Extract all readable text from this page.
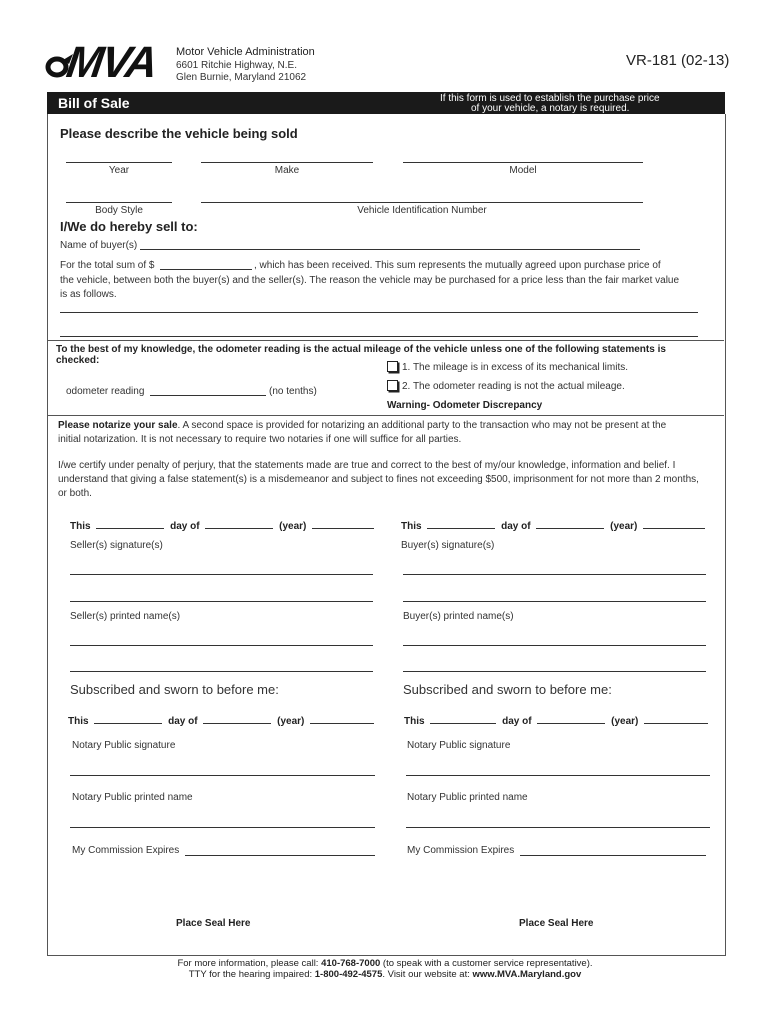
MVA Motor Vehicle Administration
6601 Ritchie Highway, N.E.
Glen Burnie, Maryland 21062
VR-181 (02-13)
Bill of Sale	If this form is used to establish the purchase price
of your vehicle, a notary is required.
Please describe the vehicle being sold
Year	Make	Model
Body Style	Vehicle Identification Number
I/We do hereby sell to:
Name of buyer(s)
For the total sum of $	, which has been received. This sum represents the mutually agreed upon purchase price of
the vehicle, between both the buyer(s) and the seller(s). The reason the vehicle may be purchased for a price less than the fair market value
is as follows.
To the best of my knowledge, the odometer reading is the actual mileage of the vehicle unless one of the following statements is
checked:
1. The mileage is in excess of its mechanical limits.
2. The odometer reading is not the actual mileage.
odometer reading	(no tenths)
Warning- Odometer Discrepancy
Please notarize your sale. A second space is provided for notarizing an additional party to the transaction who may not be present at the
initial notarization. It is not necessary to require two notaries if one will suffice for all parties.
I/we certify under penalty of perjury, that the statements made are true and correct to the best of my/our knowledge, information and belief. I
understand that giving a false statement(s) is a misdemeanor and subject to fines not exceeding $500, imprisonment for not more than 2 months,
or both.
This	day of	(year)	This	day of	(year)
Seller(s) signature(s)	Buyer(s) signature(s)
Seller(s) printed name(s)	Buyer(s) printed name(s)
Subscribed and sworn to before me:	Subscribed and sworn to before me:
This	day of	(year)	This	day of	(year)
Notary Public signature	Notary Public signature
Notary Public printed name	Notary Public printed name
My Commission Expires	My Commission Expires
Place Seal Here	Place Seal Here
For more information, please call: 410-768-7000 (to speak with a customer service representative).
TTY for the hearing impaired: 1-800-492-4575. Visit our website at: www.MVA.Maryland.gov
